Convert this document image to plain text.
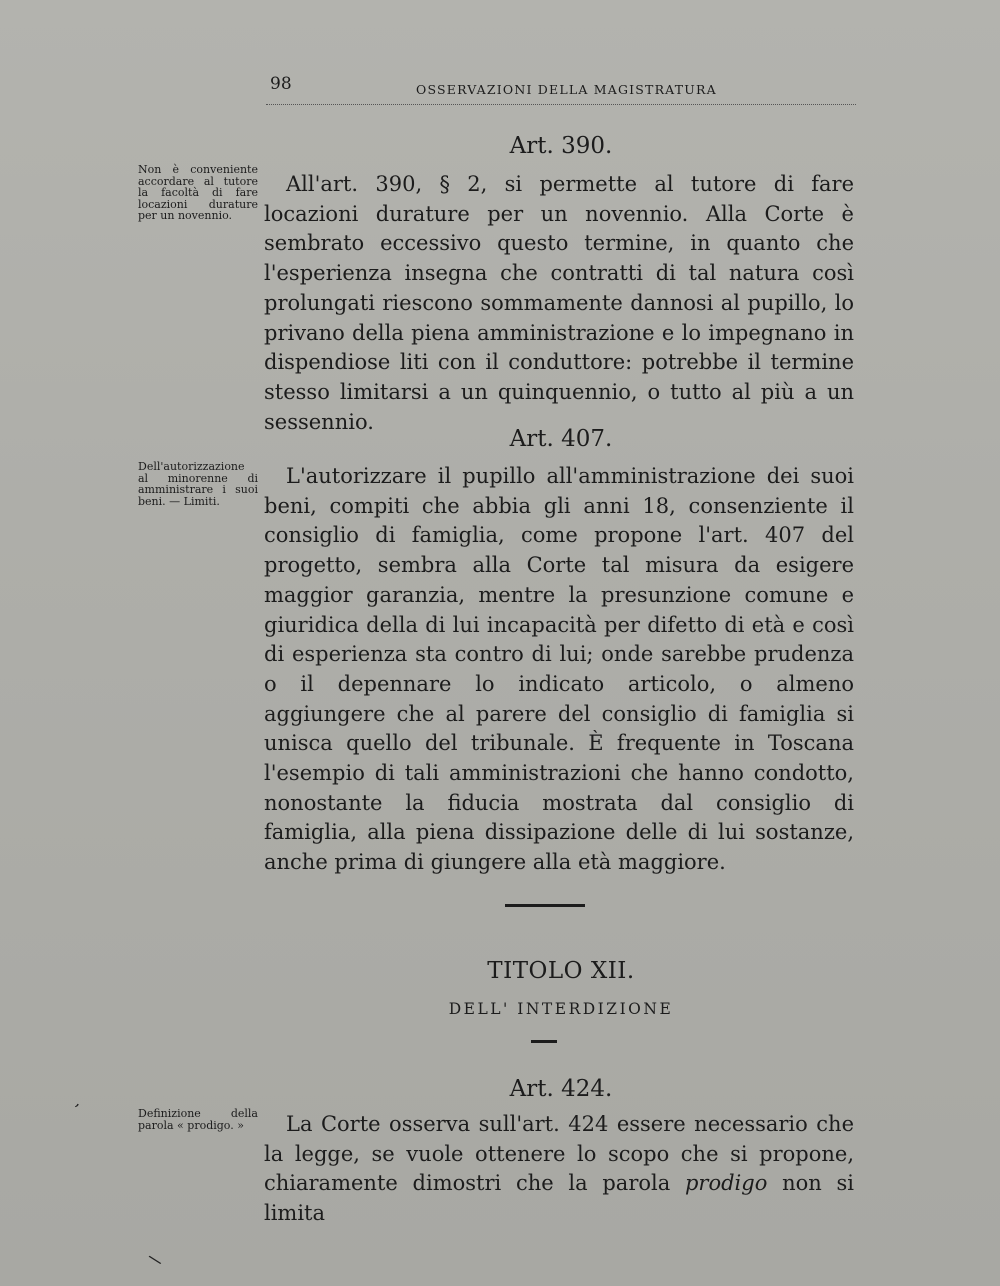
98	OSSERVAZIONI DELLA MAGISTRATURA
Art. 390.
Non è conveniente accordare al tutore la facoltà di fare locazioni durature per un novennio.

All'art. 390, § 2, si permette al tutore di fare locazioni durature per un novennio. Alla Corte è sembrato eccessivo questo termine, in quanto che l'esperienza insegna che contratti di tal natura così prolungati riescono sommamente dannosi al pupillo, lo privano della piena amministrazione e lo impegnano in dispendiose liti con il conduttore: potrebbe il termine stesso limitarsi a un quinquennio, o tutto al più a un sessennio.

Art. 407.
Dell'autorizzazione al minorenne di amministrare i suoi beni. — Limiti.

L'autorizzare il pupillo all'amministrazione dei suoi beni, compiti che abbia gli anni 18, consenziente il consiglio di famiglia, come propone l'art. 407 del progetto, sembra alla Corte tal misura da esigere maggior garanzia, mentre la presunzione comune e giuridica della di lui incapacità per difetto di età e così di esperienza sta contro di lui; onde sarebbe prudenza o il depennare lo indicato articolo, o almeno aggiungere che al parere del consiglio di famiglia si unisca quello del tribunale. È frequente in Toscana l'esempio di tali amministrazioni che hanno condotto, nonostante la fiducia mostrata dal consiglio di famiglia, alla piena dissipazione delle di lui sostanze, anche prima di giungere alla età maggiore.

TITOLO XII.
DELL' INTERDIZIONE
Art. 424.
Definizione della parola « prodigo. »	La Corte osserva sull'art. 424 essere necessario che la legge, se vuole ottenere lo scopo che si propone, chiaramente dimostri che la parola prodigo non si limita

ʼ
\
